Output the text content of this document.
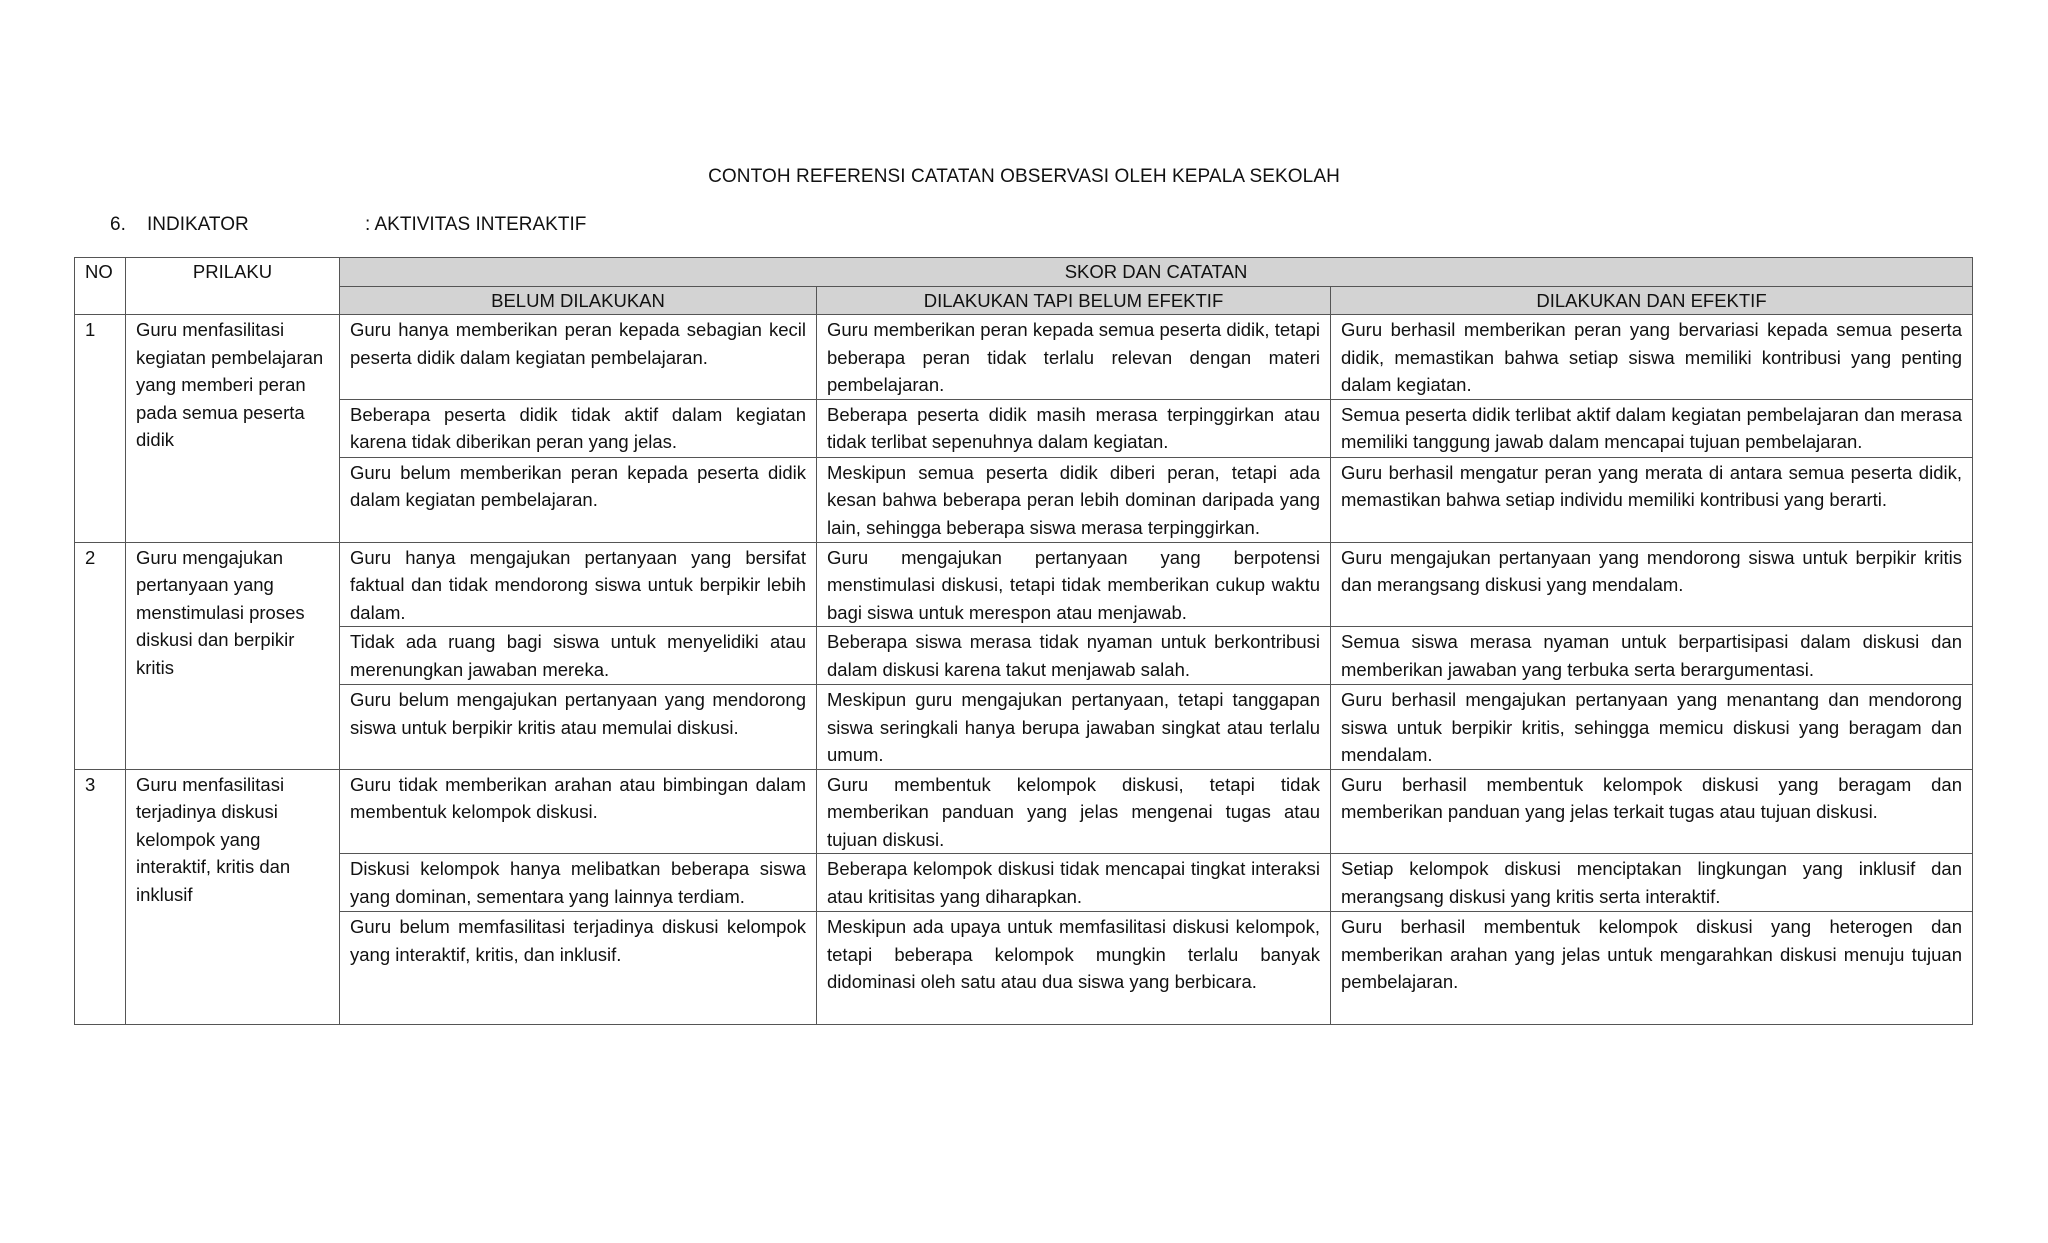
CONTOH REFERENSI CATATAN OBSERVASI OLEH KEPALA SEKOLAH
6. INDIKATOR	: AKTIVITAS INTERAKTIF
NO	PRILAKU	SKOR DAN CATATAN		
		BELUM DILAKUKAN	DILAKUKAN TAPI BELUM EFEKTIF	DILAKUKAN DAN EFEKTIF
1	Guru menfasilitasi kegiatan pembelajaran yang memberi peran pada semua peserta didik	Guru hanya memberikan peran kepada sebagian kecil peserta didik dalam kegiatan pembelajaran.	Guru memberikan peran kepada semua peserta didik, tetapi beberapa peran tidak terlalu relevan dengan materi pembelajaran.	Guru berhasil memberikan peran yang bervariasi kepada semua peserta didik, memastikan bahwa setiap siswa memiliki kontribusi yang penting dalam kegiatan.
		Beberapa peserta didik tidak aktif dalam kegiatan karena tidak diberikan peran yang jelas.	Beberapa peserta didik masih merasa terpinggirkan atau tidak terlibat sepenuhnya dalam kegiatan.	Semua peserta didik terlibat aktif dalam kegiatan pembelajaran dan merasa memiliki tanggung jawab dalam mencapai tujuan pembelajaran.
		Guru belum memberikan peran kepada peserta didik dalam kegiatan pembelajaran.	Meskipun semua peserta didik diberi peran, tetapi ada kesan bahwa beberapa peran lebih dominan daripada yang lain, sehingga beberapa siswa merasa terpinggirkan.	Guru berhasil mengatur peran yang merata di antara semua peserta didik, memastikan bahwa setiap individu memiliki kontribusi yang berarti.
2	Guru mengajukan pertanyaan yang menstimulasi proses diskusi dan berpikir kritis	Guru hanya mengajukan pertanyaan yang bersifat faktual dan tidak mendorong siswa untuk berpikir lebih dalam.	Guru mengajukan pertanyaan yang berpotensi menstimulasi diskusi, tetapi tidak memberikan cukup waktu bagi siswa untuk merespon atau menjawab.	Guru mengajukan pertanyaan yang mendorong siswa untuk berpikir kritis dan merangsang diskusi yang mendalam.
		Tidak ada ruang bagi siswa untuk menyelidiki atau merenungkan jawaban mereka.	Beberapa siswa merasa tidak nyaman untuk berkontribusi dalam diskusi karena takut menjawab salah.	Semua siswa merasa nyaman untuk berpartisipasi dalam diskusi dan memberikan jawaban yang terbuka serta berargumentasi.
		Guru belum mengajukan pertanyaan yang mendorong siswa untuk berpikir kritis atau memulai diskusi.	Meskipun guru mengajukan pertanyaan, tetapi tanggapan siswa seringkali hanya berupa jawaban singkat atau terlalu umum.	Guru berhasil mengajukan pertanyaan yang menantang dan mendorong siswa untuk berpikir kritis, sehingga memicu diskusi yang beragam dan mendalam.
3	Guru menfasilitasi terjadinya diskusi kelompok yang interaktif, kritis dan inklusif	Guru tidak memberikan arahan atau bimbingan dalam membentuk kelompok diskusi.	Guru membentuk kelompok diskusi, tetapi tidak memberikan panduan yang jelas mengenai tugas atau tujuan diskusi.	Guru berhasil membentuk kelompok diskusi yang beragam dan memberikan panduan yang jelas terkait tugas atau tujuan diskusi.
		Diskusi kelompok hanya melibatkan beberapa siswa yang dominan, sementara yang lainnya terdiam.	Beberapa kelompok diskusi tidak mencapai tingkat interaksi atau kritisitas yang diharapkan.	Setiap kelompok diskusi menciptakan lingkungan yang inklusif dan merangsang diskusi yang kritis serta interaktif.
		Guru belum memfasilitasi terjadinya diskusi kelompok yang interaktif, kritis, dan inklusif.	Meskipun ada upaya untuk memfasilitasi diskusi kelompok, tetapi beberapa kelompok mungkin terlalu banyak didominasi oleh satu atau dua siswa yang berbicara.	Guru berhasil membentuk kelompok diskusi yang heterogen dan memberikan arahan yang jelas untuk mengarahkan diskusi menuju tujuan pembelajaran.
